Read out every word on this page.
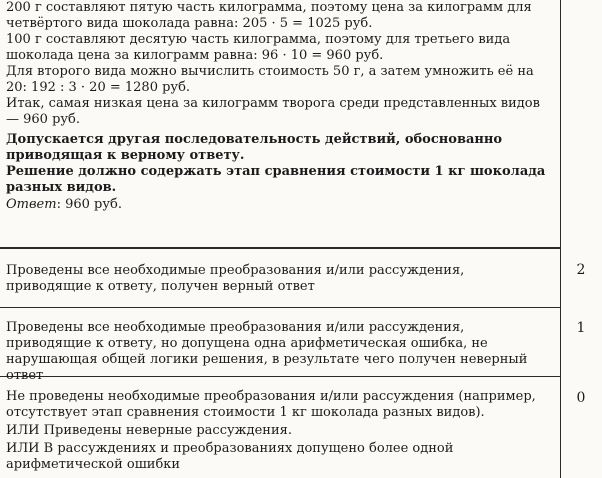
200 г составляют пятую часть килограмма, поэтому цена за килограмм для четвёртого вида шоколада равна: 205 · 5 = 1025 руб.

100 г составляют десятую часть килограмма, поэтому для третьего вида шоколада цена за килограмм равна: 96 · 10 = 960 руб.

Для второго вида можно вычислить стоимость 50 г, а затем умножить её на 20: 192 : 3 · 20 = 1280 руб.

Итак, самая низкая цена за килограмм творога среди представленных видов — 960 руб.

Допускается другая последовательность действий, обоснованно приводящая к верному ответу.

Решение должно содержать этап сравнения стоимости 1 кг шоколада разных видов.

Ответ: 960 руб.

Проведены все необходимые преобразования и/или рассуждения, приводящие к ответу, получен верный ответ
2
Проведены все необходимые преобразования и/или рассуждения, приводящие к ответу, но допущена одна арифметическая ошибка, не нарушающая общей логики решения, в результате чего получен неверный ответ
1

Не проведены необходимые преобразования и/или рассуждения (например, отсутствует этап сравнения стоимости 1 кг шоколада разных видов).

ИЛИ Приведены неверные рассуждения.

ИЛИ В рассуждениях и преобразованиях допущено более одной арифметической ошибки

0
